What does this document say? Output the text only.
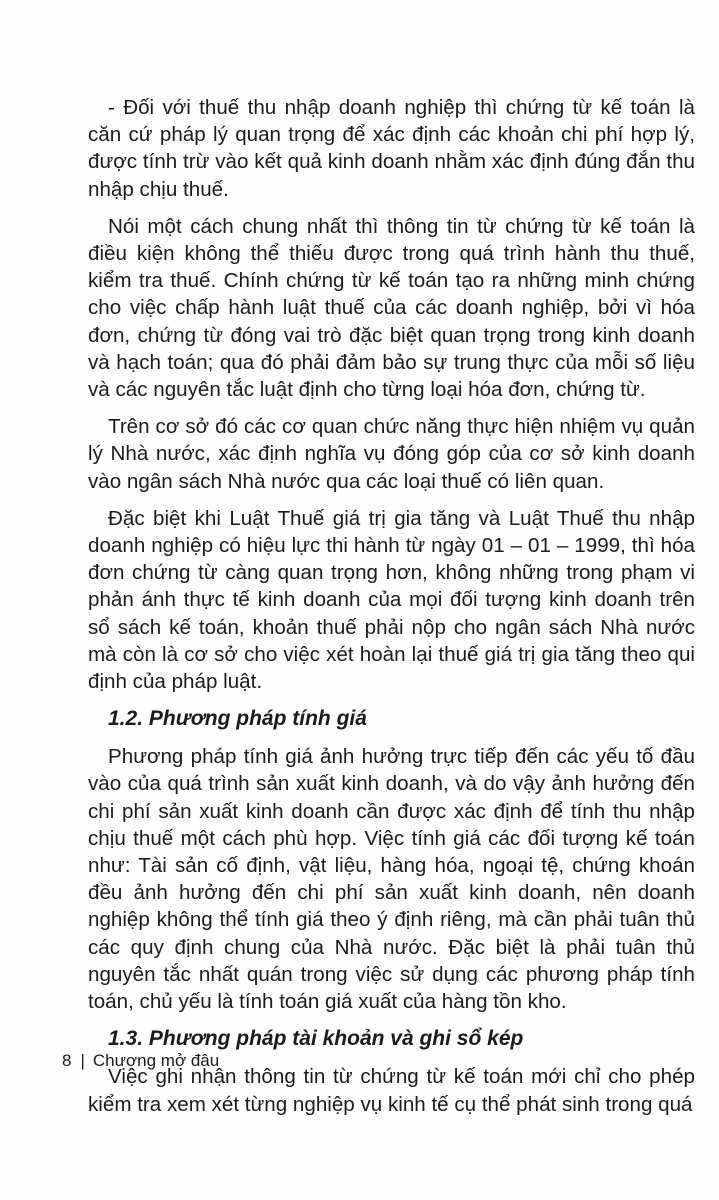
- Đối với thuế thu nhập doanh nghiệp thì chứng từ kế toán là căn cứ pháp lý quan trọng để xác định các khoản chi phí hợp lý, được tính trừ vào kết quả kinh doanh nhằm xác định đúng đắn thu nhập chịu thuế.

Nói một cách chung nhất thì thông tin từ chứng từ kế toán là điều kiện không thể thiếu được trong quá trình hành thu thuế, kiểm tra thuế. Chính chứng từ kế toán tạo ra những minh chứng cho việc chấp hành luật thuế của các doanh nghiệp, bởi vì hóa đơn, chứng từ đóng vai trò đặc biệt quan trọng trong kinh doanh và hạch toán; qua đó phải đảm bảo sự trung thực của mỗi số liệu và các nguyên tắc luật định cho từng loại hóa đơn, chứng từ.

Trên cơ sở đó các cơ quan chức năng thực hiện nhiệm vụ quản lý Nhà nước, xác định nghĩa vụ đóng góp của cơ sở kinh doanh vào ngân sách Nhà nước qua các loại thuế có liên quan.

Đặc biệt khi Luật Thuế giá trị gia tăng và Luật Thuế thu nhập doanh nghiệp có hiệu lực thi hành từ ngày 01 – 01 – 1999, thì hóa đơn chứng từ càng quan trọng hơn, không những trong phạm vi phản ánh thực tế kinh doanh của mọi đối tượng kinh doanh trên sổ sách kế toán, khoản thuế phải nộp cho ngân sách Nhà nước mà còn là cơ sở cho việc xét hoàn lại thuế giá trị gia tăng theo qui định của pháp luật.

1.2. Phương pháp tính giá

Phương pháp tính giá ảnh hưởng trực tiếp đến các yếu tố đầu vào của quá trình sản xuất kinh doanh, và do vậy ảnh hưởng đến chi phí sản xuất kinh doanh cần được xác định để tính thu nhập chịu thuế một cách phù hợp. Việc tính giá các đối tượng kế toán như: Tài sản cố định, vật liệu, hàng hóa, ngoại tệ, chứng khoán đều ảnh hưởng đến chi phí sản xuất kinh doanh, nên doanh nghiệp không thể tính giá theo ý định riêng, mà cần phải tuân thủ các quy định chung của Nhà nước. Đặc biệt là phải tuân thủ nguyên tắc nhất quán trong việc sử dụng các phương pháp tính toán, chủ yếu là tính toán giá xuất của hàng tồn kho.

1.3. Phương pháp tài khoản và ghi sổ kép

Việc ghi nhận thông tin từ chứng từ kế toán mới chỉ cho phép kiểm tra xem xét từng nghiệp vụ kinh tế cụ thể phát sinh trong quá

8 | Chương mở đâu
